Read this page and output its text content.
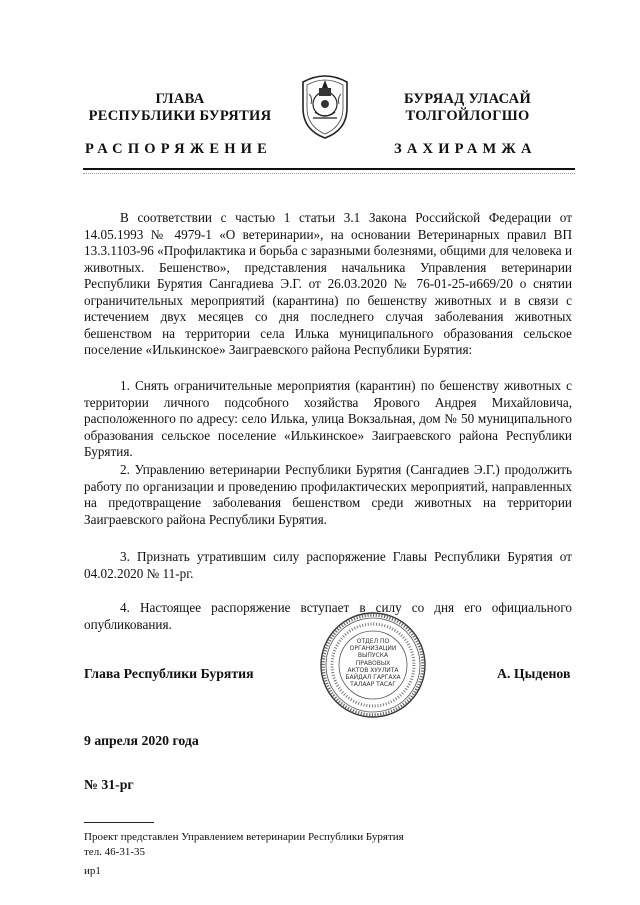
ГЛАВА
РЕСПУБЛИКИ БУРЯТИЯ
БУРЯАД УЛАСАЙ
ТОЛГОЙЛОГШО
РАСПОРЯЖЕНИЕ	ЗАХИРАМЖА

В соответствии с частью 1 статьи 3.1 Закона Российской Федерации от 14.05.1993 № 4979-1 «О ветеринарии», на основании Ветеринарных правил ВП 13.3.1103-96 «Профилактика и борьба с заразными болезнями, общими для человека и животных. Бешенство», представления начальника Управления ветеринарии Республики Бурятия Сангадиева Э.Г. от 26.03.2020 № 76-01-25-и669/20 о снятии ограничительных мероприятий (карантина) по бешенству животных и в связи с истечением двух месяцев со дня последнего случая заболевания животных бешенством на территории села Илька муниципального образования сельское поселение «Илькинское» Заиграевского района Республики Бурятия:

1. Снять ограничительные мероприятия (карантин) по бешенству животных с территории личного подсобного хозяйства Ярового Андрея Михайловича, расположенного по адресу: село Илька, улица Вокзальная, дом № 50 муниципального образования сельское поселение «Илькинское» Заиграевского района Республики Бурятия.

2. Управлению ветеринарии Республики Бурятия (Сангадиев Э.Г.) продолжить работу по организации и проведению профилактических мероприятий, направленных на предотвращение заболевания бешенством среди животных на территории Заиграевского района Республики Бурятия.

3. Признать утратившим силу распоряжение Главы Республики Бурятия от 04.02.2020 № 11-рг.

4. Настоящее распоряжение вступает в силу со дня его официального опубликования.

Глава Республики Бурятия
ОТДЕЛ ПО ОРГАНИЗАЦИИ ВЫПУСКА ПРАВОВЫХ АКТОВ ХУУЛИТА БАЙДАЛ ГАРГАХА ТАЛААР ТАСАГ
А. Цыденов
9 апреля 2020 года
№ 31-рг
Проект представлен Управлением ветеринарии Республики Бурятия
тел. 46-31-35
ир1
